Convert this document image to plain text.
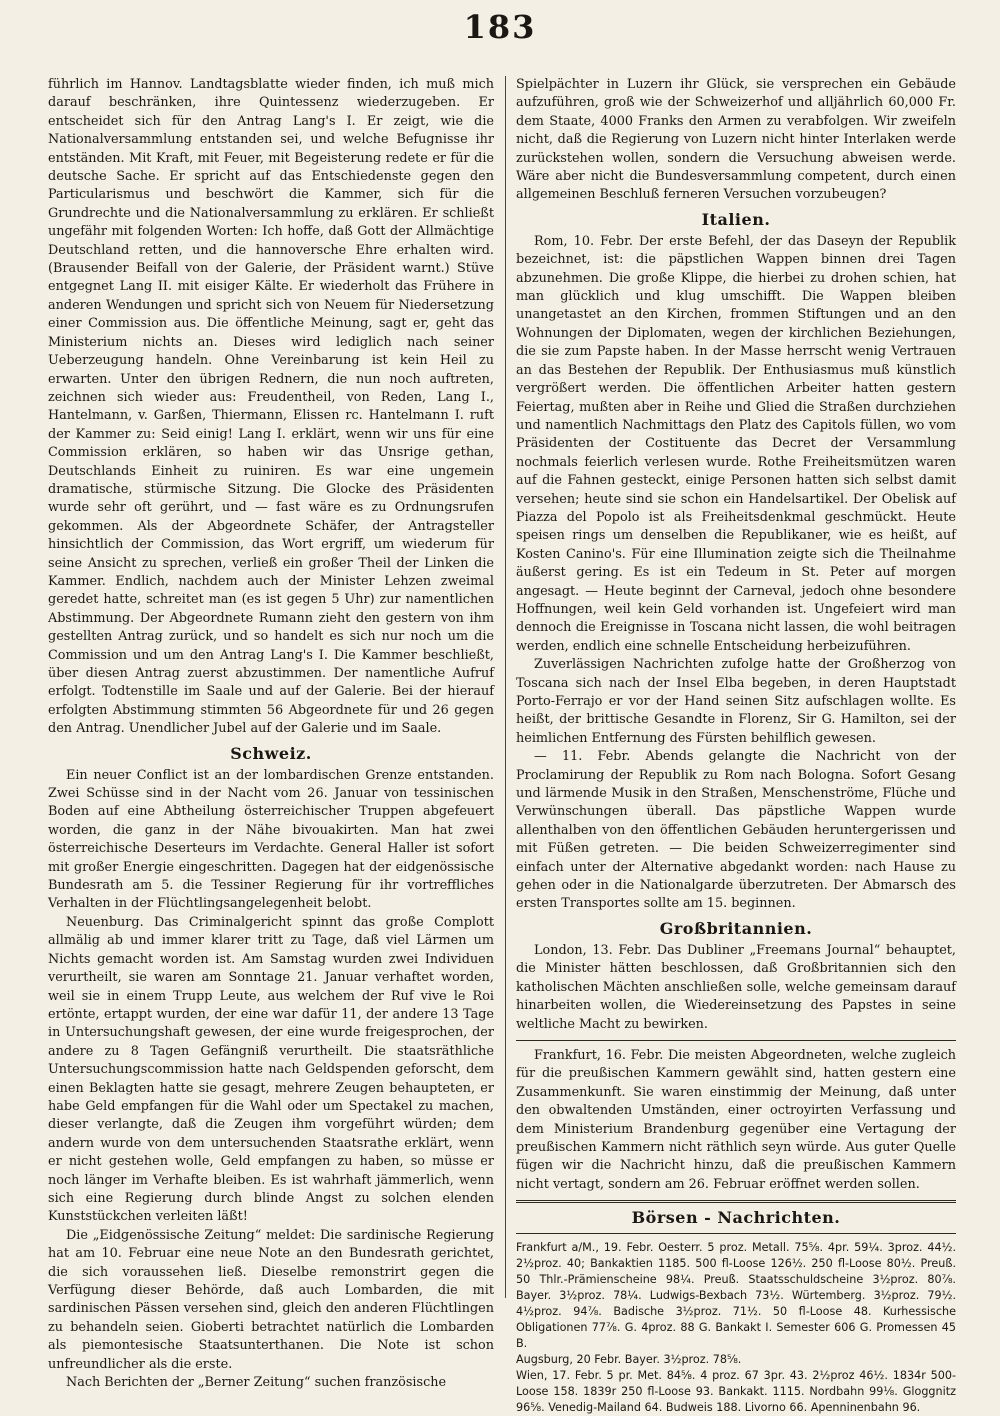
183

führlich im Hannov. Landtagsblatte wieder finden, ich muß mich darauf beschränken, ihre Quintessenz wiederzugeben. Er entscheidet sich für den Antrag Lang's I. Er zeigt, wie die Nationalversammlung entstanden sei, und welche Befugnisse ihr entständen. Mit Kraft, mit Feuer, mit Begeisterung redete er für die deutsche Sache. Er spricht auf das Entschiedenste gegen den Particularismus und beschwört die Kammer, sich für die Grundrechte und die Nationalversammlung zu erklären. Er schließt ungefähr mit folgenden Worten: Ich hoffe, daß Gott der Allmächtige Deutschland retten, und die hannoversche Ehre erhalten wird. (Brausender Beifall von der Galerie, der Präsident warnt.) Stüve entgegnet Lang II. mit eisiger Kälte. Er wiederholt das Frühere in anderen Wendungen und spricht sich von Neuem für Niedersetzung einer Commission aus. Die öffentliche Meinung, sagt er, geht das Ministerium nichts an. Dieses wird lediglich nach seiner Ueberzeugung handeln. Ohne Vereinbarung ist kein Heil zu erwarten. Unter den übrigen Rednern, die nun noch auftreten, zeichnen sich wieder aus: Freudentheil, von Reden, Lang I., Hantelmann, v. Garßen, Thiermann, Elissen rc. Hantelmann I. ruft der Kammer zu: Seid einig! Lang I. erklärt, wenn wir uns für eine Commission erklären, so haben wir das Unsrige gethan, Deutschlands Einheit zu ruiniren. Es war eine ungemein dramatische, stürmische Sitzung. Die Glocke des Präsidenten wurde sehr oft gerührt, und — fast wäre es zu Ordnungsrufen gekommen. Als der Abgeordnete Schäfer, der Antragsteller hinsichtlich der Commission, das Wort ergriff, um wiederum für seine Ansicht zu sprechen, verließ ein großer Theil der Linken die Kammer. Endlich, nachdem auch der Minister Lehzen zweimal geredet hatte, schreitet man (es ist gegen 5 Uhr) zur namentlichen Abstimmung. Der Abgeordnete Rumann zieht den gestern von ihm gestellten Antrag zurück, und so handelt es sich nur noch um die Commission und um den Antrag Lang's I. Die Kammer beschließt, über diesen Antrag zuerst abzustimmen. Der namentliche Aufruf erfolgt. Todtenstille im Saale und auf der Galerie. Bei der hierauf erfolgten Abstimmung stimmten 56 Abgeordnete für und 26 gegen den Antrag. Unendlicher Jubel auf der Galerie und im Saale.

Schweiz.

Ein neuer Conflict ist an der lombardischen Grenze entstanden. Zwei Schüsse sind in der Nacht vom 26. Januar von tessinischen Boden auf eine Abtheilung österreichischer Truppen abgefeuert worden, die ganz in der Nähe bivouakirten. Man hat zwei österreichische Deserteurs im Verdachte. General Haller ist sofort mit großer Energie eingeschritten. Dagegen hat der eidgenössische Bundesrath am 5. die Tessiner Regierung für ihr vortreffliches Verhalten in der Flüchtlingsangelegenheit belobt.

Neuenburg. Das Criminalgericht spinnt das große Complott allmälig ab und immer klarer tritt zu Tage, daß viel Lärmen um Nichts gemacht worden ist. Am Samstag wurden zwei Individuen verurtheilt, sie waren am Sonntage 21. Januar verhaftet worden, weil sie in einem Trupp Leute, aus welchem der Ruf vive le Roi ertönte, ertappt wurden, der eine war dafür 11, der andere 13 Tage in Untersuchungshaft gewesen, der eine wurde freigesprochen, der andere zu 8 Tagen Gefängniß verurtheilt. Die staatsräthliche Untersuchungscommission hatte nach Geldspenden geforscht, dem einen Beklagten hatte sie gesagt, mehrere Zeugen behaupteten, er habe Geld empfangen für die Wahl oder um Spectakel zu machen, dieser verlangte, daß die Zeugen ihm vorgeführt würden; dem andern wurde von dem untersuchenden Staatsrathe erklärt, wenn er nicht gestehen wolle, Geld empfangen zu haben, so müsse er noch länger im Verhafte bleiben. Es ist wahrhaft jämmerlich, wenn sich eine Regierung durch blinde Angst zu solchen elenden Kunststückchen verleiten läßt!

Die „Eidgenössische Zeitung“ meldet: Die sardinische Regierung hat am 10. Februar eine neue Note an den Bundesrath gerichtet, die sich voraussehen ließ. Dieselbe remonstrirt gegen die Verfügung dieser Behörde, daß auch Lombarden, die mit sardinischen Pässen versehen sind, gleich den anderen Flüchtlingen zu behandeln seien. Gioberti betrachtet natürlich die Lombarden als piemontesische Staatsunterthanen. Die Note ist schon unfreundlicher als die erste.

Nach Berichten der „Berner Zeitung“ suchen französische

Spielpächter in Luzern ihr Glück, sie versprechen ein Gebäude aufzuführen, groß wie der Schweizerhof und alljährlich 60,000 Fr. dem Staate, 4000 Franks den Armen zu verabfolgen. Wir zweifeln nicht, daß die Regierung von Luzern nicht hinter Interlaken werde zurückstehen wollen, sondern die Versuchung abweisen werde. Wäre aber nicht die Bundesversammlung competent, durch einen allgemeinen Beschluß ferneren Versuchen vorzubeugen?

Italien.

Rom, 10. Febr. Der erste Befehl, der das Daseyn der Republik bezeichnet, ist: die päpstlichen Wappen binnen drei Tagen abzunehmen. Die große Klippe, die hierbei zu drohen schien, hat man glücklich und klug umschifft. Die Wappen bleiben unangetastet an den Kirchen, frommen Stiftungen und an den Wohnungen der Diplomaten, wegen der kirchlichen Beziehungen, die sie zum Papste haben. In der Masse herrscht wenig Vertrauen an das Bestehen der Republik. Der Enthusiasmus muß künstlich vergrößert werden. Die öffentlichen Arbeiter hatten gestern Feiertag, mußten aber in Reihe und Glied die Straßen durchziehen und namentlich Nachmittags den Platz des Capitols füllen, wo vom Präsidenten der Costituente das Decret der Versammlung nochmals feierlich verlesen wurde. Rothe Freiheitsmützen waren auf die Fahnen gesteckt, einige Personen hatten sich selbst damit versehen; heute sind sie schon ein Handelsartikel. Der Obelisk auf Piazza del Popolo ist als Freiheitsdenkmal geschmückt. Heute speisen rings um denselben die Republikaner, wie es heißt, auf Kosten Canino's. Für eine Illumination zeigte sich die Theilnahme äußerst gering. Es ist ein Tedeum in St. Peter auf morgen angesagt. — Heute beginnt der Carneval, jedoch ohne besondere Hoffnungen, weil kein Geld vorhanden ist. Ungefeiert wird man dennoch die Ereignisse in Toscana nicht lassen, die wohl beitragen werden, endlich eine schnelle Entscheidung herbeizuführen.

Zuverlässigen Nachrichten zufolge hatte der Großherzog von Toscana sich nach der Insel Elba begeben, in deren Hauptstadt Porto-Ferrajo er vor der Hand seinen Sitz aufschlagen wollte. Es heißt, der brittische Gesandte in Florenz, Sir G. Hamilton, sei der heimlichen Entfernung des Fürsten behilflich gewesen.

— 11. Febr. Abends gelangte die Nachricht von der Proclamirung der Republik zu Rom nach Bologna. Sofort Gesang und lärmende Musik in den Straßen, Menschenströme, Flüche und Verwünschungen überall. Das päpstliche Wappen wurde allenthalben von den öffentlichen Gebäuden heruntergerissen und mit Füßen getreten. — Die beiden Schweizerregimenter sind einfach unter der Alternative abgedankt worden: nach Hause zu gehen oder in die Nationalgarde überzutreten. Der Abmarsch des ersten Transportes sollte am 15. beginnen.

Großbritannien.

London, 13. Febr. Das Dubliner „Freemans Journal“ behauptet, die Minister hätten beschlossen, daß Großbritannien sich den katholischen Mächten anschließen solle, welche gemeinsam darauf hinarbeiten wollen, die Wiedereinsetzung des Papstes in seine weltliche Macht zu bewirken.

Frankfurt, 16. Febr. Die meisten Abgeordneten, welche zugleich für die preußischen Kammern gewählt sind, hatten gestern eine Zusammenkunft. Sie waren einstimmig der Meinung, daß unter den obwaltenden Umständen, einer octroyirten Verfassung und dem Ministerium Brandenburg gegenüber eine Vertagung der preußischen Kammern nicht räthlich seyn würde. Aus guter Quelle fügen wir die Nachricht hinzu, daß die preußischen Kammern nicht vertagt, sondern am 26. Februar eröffnet werden sollen.

Börsen - Nachrichten.

Frankfurt a/M., 19. Febr. Oesterr. 5 proz. Metall. 75⅝. 4pr. 59¼. 3proz. 44½. 2½proz. 40; Bankaktien 1185. 500 fl-Loose 126½. 250 fl-Loose 80½. Preuß. 50 Thlr.-Prämienscheine 98¼. Preuß. Staatsschuldscheine 3½proz. 80⅞. Bayer. 3½proz. 78¼. Ludwigs-Bexbach 73½. Würtemberg. 3½proz. 79½. 4½proz. 94⅞. Badische 3½proz. 71½. 50 fl-Loose 48. Kurhessische Obligationen 77⅞. G. 4proz. 88 G. Bankakt I. Semester 606 G. Promessen 45 B.

Augsburg, 20 Febr. Bayer. 3½proz. 78⅝.

Wien, 17. Febr. 5 pr. Met. 84⅝. 4 proz. 67 3pr. 43. 2½proz 46½. 1834r 500-Loose 158. 1839r 250 fl-Loose 93. Bankakt. 1115. Nordbahn 99⅛. Gloggnitz 96⅝. Venedig-Mailand 64. Budweis 188. Livorno 66. Apenninenbahn 96.
